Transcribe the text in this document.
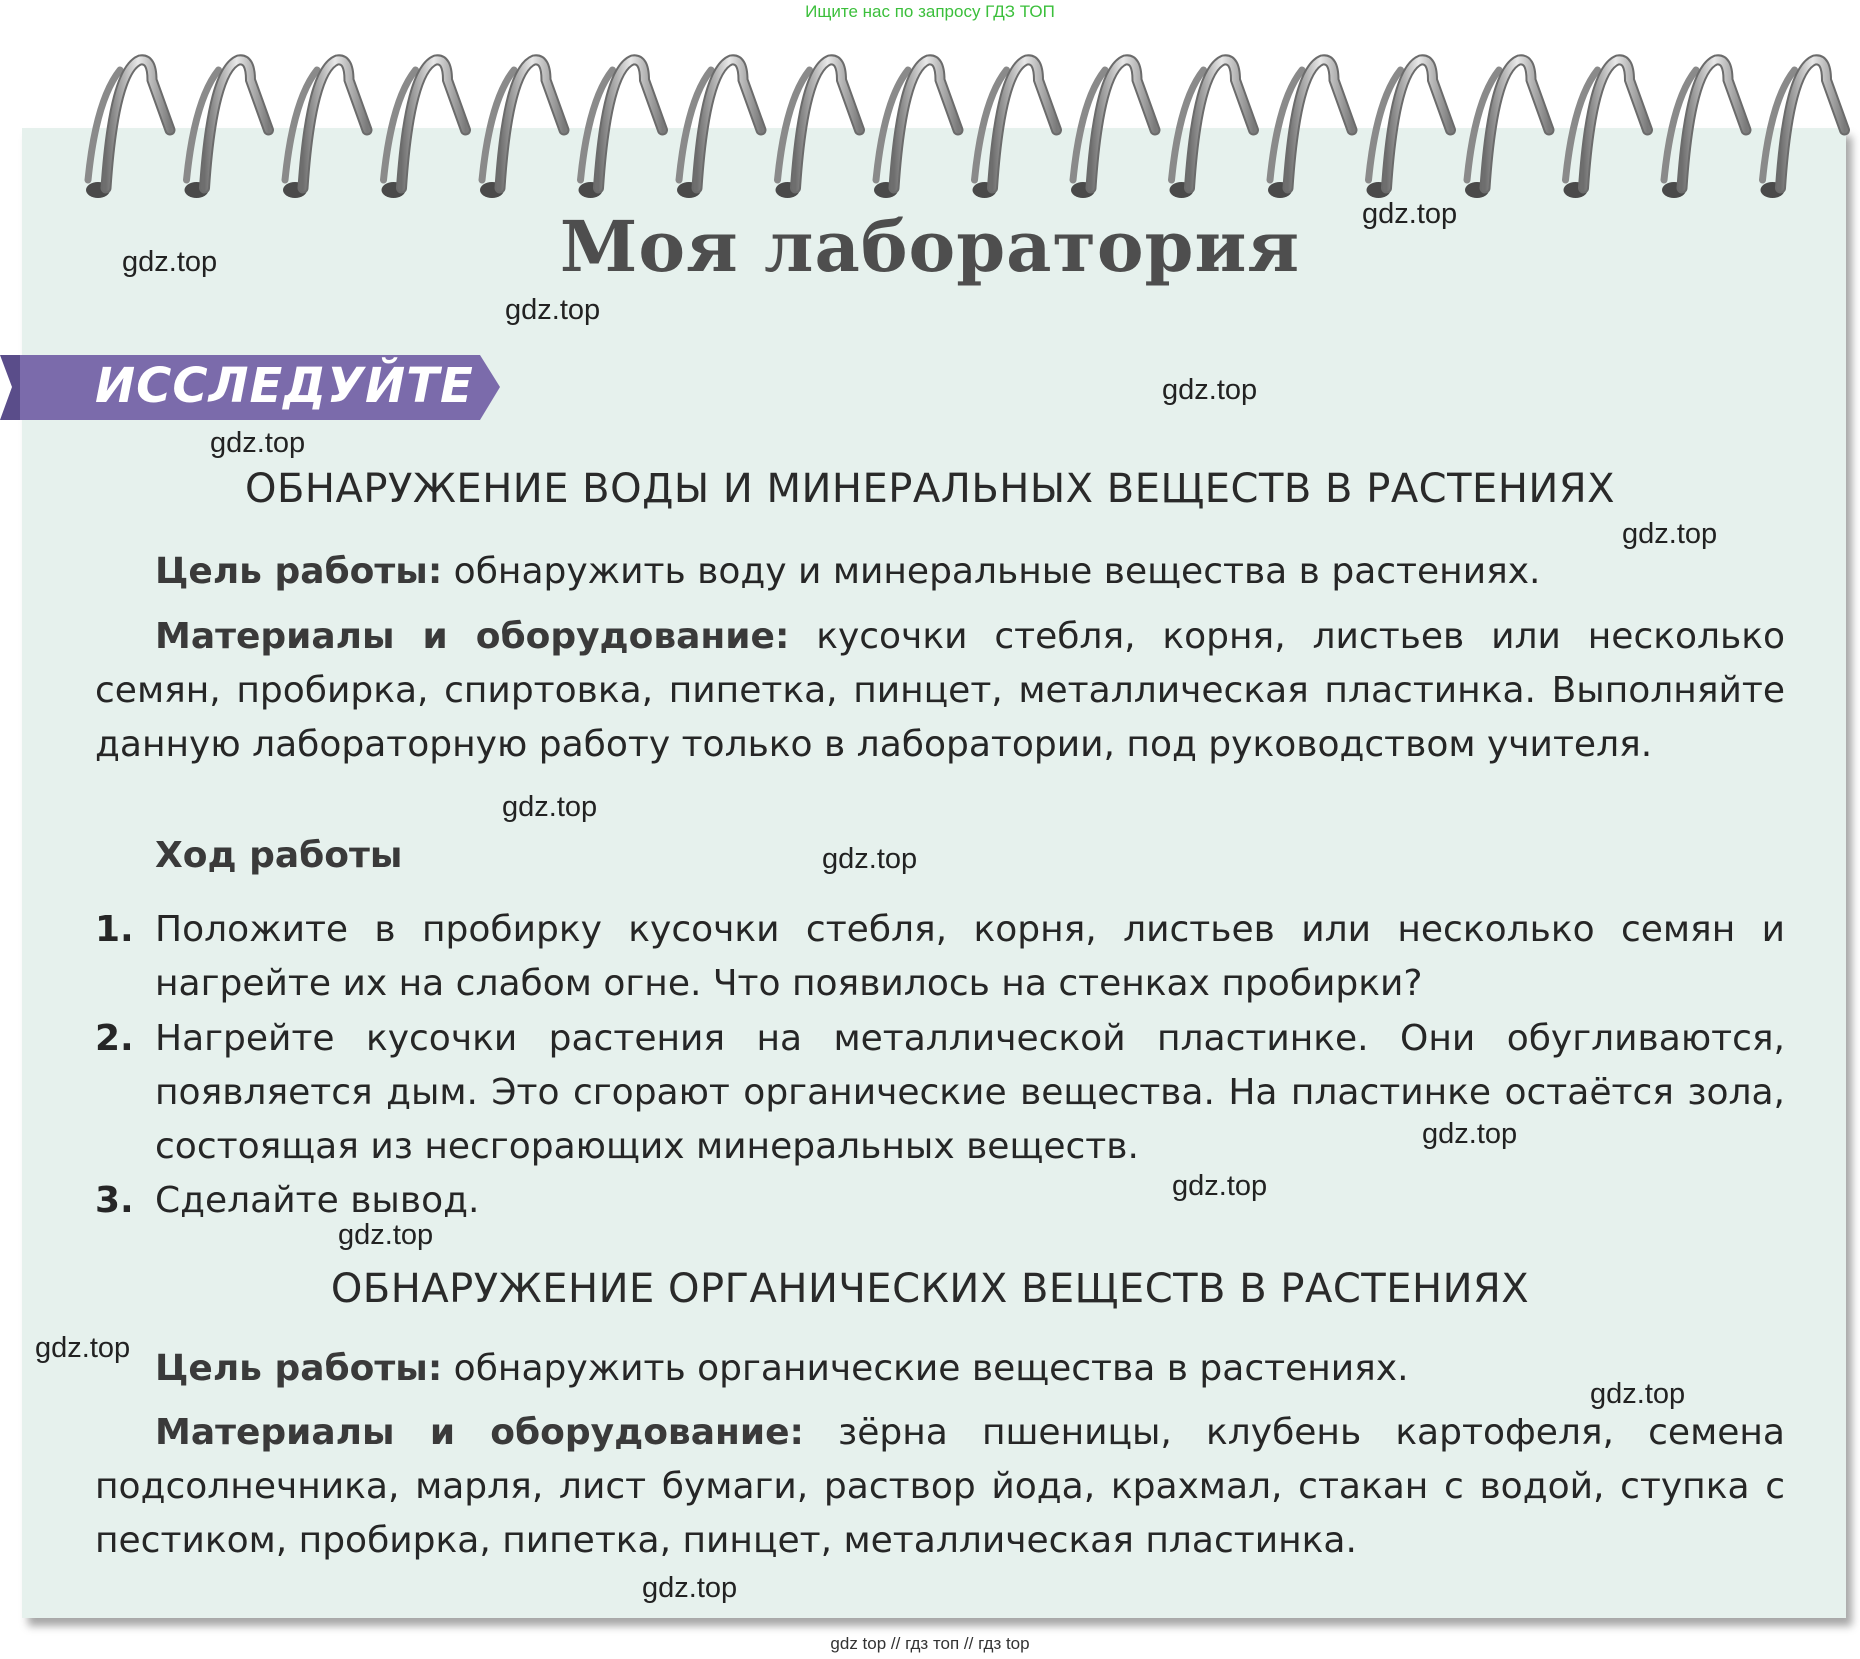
Ищите нас по запросу ГДЗ ТОП
Моя лаборатория
ИССЛЕДУЙТЕ
ОБНАРУЖЕНИЕ ВОДЫ И МИНЕРАЛЬНЫХ ВЕЩЕСТВ В РАСТЕНИЯХ
Цель работы: обнаружить воду и минеральные вещества в растениях.
Материалы и оборудование: кусочки стебля, корня, листьев или несколько семян, пробирка, спиртовка, пипетка, пинцет, металлическая пластинка. Выполняйте данную лабораторную работу только в лаборатории, под руководством учителя.
Ход работы
1. Положите в пробирку кусочки стебля, корня, листьев или несколько семян и нагрейте их на слабом огне. Что появилось на стенках пробирки?
2. Нагрейте кусочки растения на металлической пластинке. Они обугливаются, появляется дым. Это сгорают органические вещества. На пластинке остаётся зола, состоящая из несгорающих минеральных веществ.
3. Сделайте вывод.
ОБНАРУЖЕНИЕ ОРГАНИЧЕСКИХ ВЕЩЕСТВ В РАСТЕНИЯХ
Цель работы: обнаружить органические вещества в растениях.
Материалы и оборудование: зёрна пшеницы, клубень картофеля, семена подсолнечника, марля, лист бумаги, раствор йода, крахмал, стакан с водой, ступка с пестиком, пробирка, пипетка, пинцет, металлическая пластинка.
gdz.top
gdz.top
gdz.top
gdz.top
gdz.top
gdz.top
gdz.top
gdz.top
gdz.top
gdz.top
gdz.top
gdz.top
gdz.top
gdz.top
gdz top // гдз топ // гдз top
